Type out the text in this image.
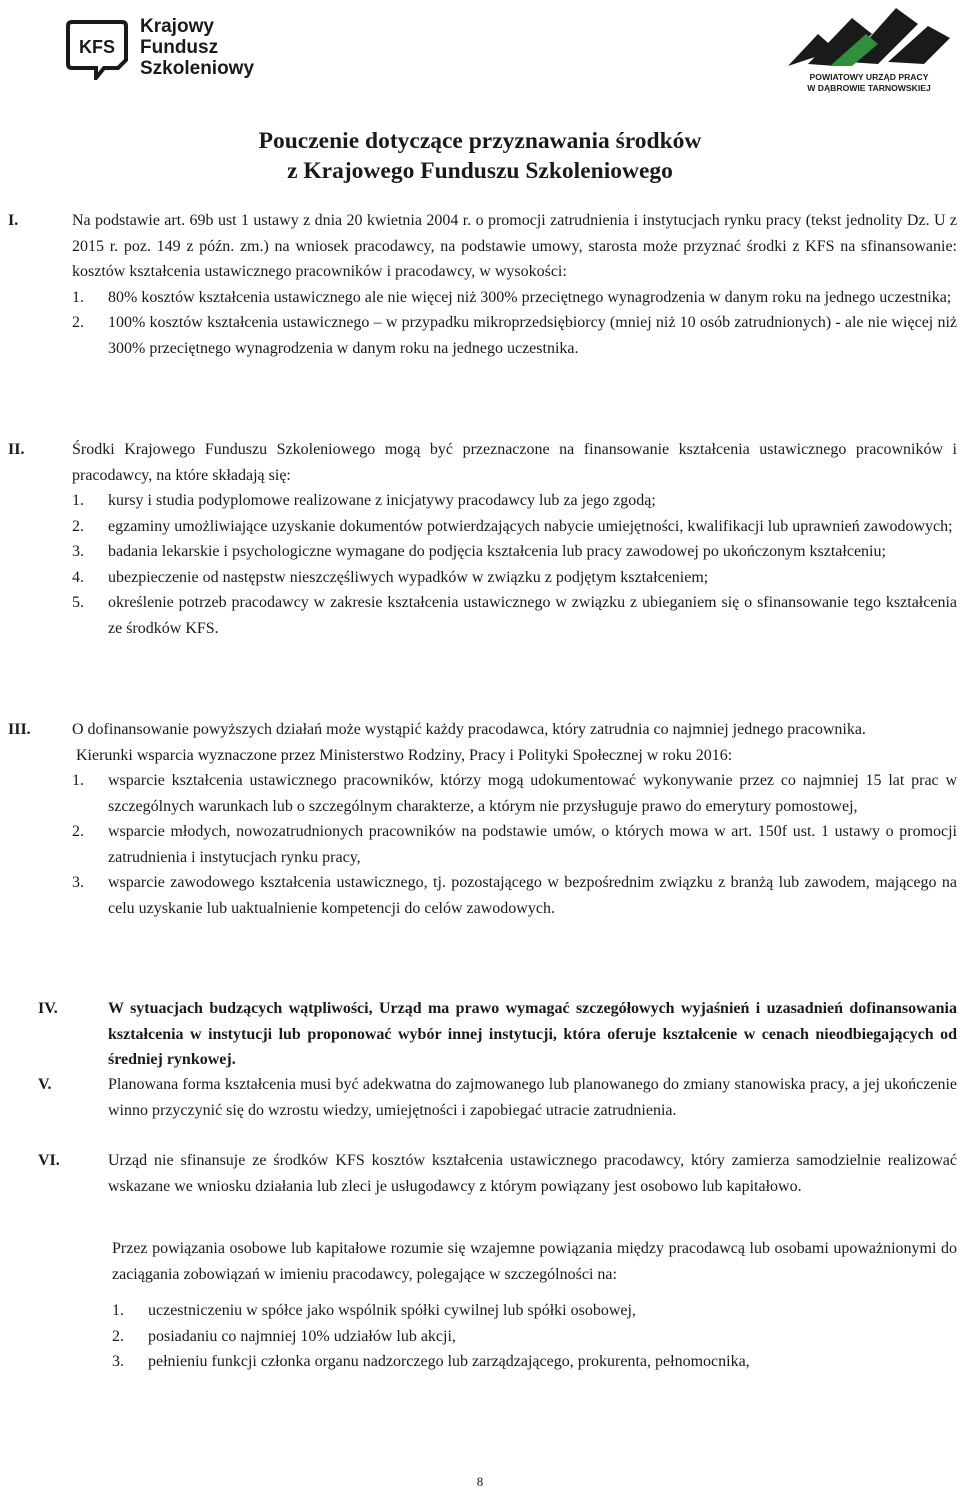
KFS
Krajowy
Fundusz
Szkoleniowy	POWIATOWY URZĄD PRACY
W DĄBROWIE TARNOWSKIEJ
Pouczenie dotyczące przyznawania środków
z Krajowego Funduszu Szkoleniowego
I.	Na podstawie art. 69b ust 1 ustawy z dnia 20 kwietnia 2004 r. o promocji zatrudnienia i instytucjach rynku pracy (tekst jednolity Dz. U z 2015 r. poz. 149 z późn. zm.) na wniosek pracodawcy, na podstawie umowy, starosta może przyznać środki z KFS na sfinansowanie: kosztów kształcenia ustawicznego pracowników i pracodawcy, w wysokości:
1. 80% kosztów kształcenia ustawicznego ale nie więcej niż 300% przeciętnego wynagrodzenia w danym roku na jednego uczestnika;
2. 100% kosztów kształcenia ustawicznego – w przypadku mikroprzedsiębiorcy (mniej niż 10 osób zatrudnionych) - ale nie więcej niż 300% przeciętnego wynagrodzenia w danym roku na jednego uczestnika.
II.	Środki Krajowego Funduszu Szkoleniowego mogą być przeznaczone na finansowanie kształcenia ustawicznego pracowników i pracodawcy, na które składają się:
1. kursy i studia podyplomowe realizowane z inicjatywy pracodawcy lub za jego zgodą;
2. egzaminy umożliwiające uzyskanie dokumentów potwierdzających nabycie umiejętności, kwalifikacji lub uprawnień zawodowych;
3. badania lekarskie i psychologiczne wymagane do podjęcia kształcenia lub pracy zawodowej po ukończonym kształceniu;
4. ubezpieczenie od następstw nieszczęśliwych wypadków w związku z podjętym kształceniem;
5. określenie potrzeb pracodawcy w zakresie kształcenia ustawicznego w związku z ubieganiem się o sfinansowanie tego kształcenia ze środków KFS.
III.	O dofinansowanie powyższych działań może wystąpić każdy pracodawca, który zatrudnia co najmniej jednego pracownika.
Kierunki wsparcia wyznaczone przez Ministerstwo Rodziny, Pracy i Polityki Społecznej w roku 2016:
1. wsparcie kształcenia ustawicznego pracowników, którzy mogą udokumentować wykonywanie przez co najmniej 15 lat prac w szczególnych warunkach lub o szczególnym charakterze, a którym nie przysługuje prawo do emerytury pomostowej,
2. wsparcie młodych, nowozatrudnionych pracowników na podstawie umów, o których mowa w art. 150f ust. 1 ustawy o promocji zatrudnienia i instytucjach rynku pracy,
3. wsparcie zawodowego kształcenia ustawicznego, tj. pozostającego w bezpośrednim związku z branżą lub zawodem, mającego na celu uzyskanie lub uaktualnienie kompetencji do celów zawodowych.
IV.	W sytuacjach budzących wątpliwości, Urząd ma prawo wymagać szczegółowych wyjaśnień i uzasadnień dofinansowania kształcenia w instytucji lub proponować wybór innej instytucji, która oferuje kształcenie w cenach nieodbiegających od średniej rynkowej.
V.	Planowana forma kształcenia musi być adekwatna do zajmowanego lub planowanego do zmiany stanowiska pracy, a jej ukończenie winno przyczynić się do wzrostu wiedzy, umiejętności i zapobiegać utracie zatrudnienia.
VI.	Urząd nie sfinansuje ze środków KFS kosztów kształcenia ustawicznego pracodawcy, który zamierza samodzielnie realizować wskazane we wniosku działania lub zleci je usługodawcy z którym powiązany jest osobowo lub kapitałowo.
Przez powiązania osobowe lub kapitałowe rozumie się wzajemne powiązania między pracodawcą lub osobami upoważnionymi do zaciągania zobowiązań w imieniu pracodawcy, polegające w szczególności na:
1. uczestniczeniu w spółce jako wspólnik spółki cywilnej lub spółki osobowej,
2. posiadaniu co najmniej 10% udziałów lub akcji,
3. pełnieniu funkcji członka organu nadzorczego lub zarządzającego, prokurenta, pełnomocnika,
8
